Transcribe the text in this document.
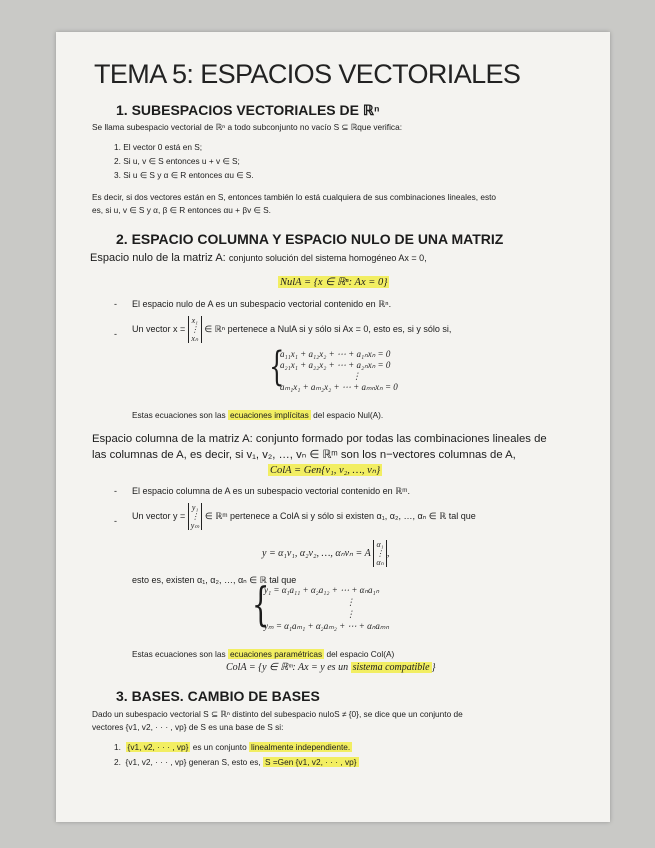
TEMA 5: ESPACIOS VECTORIALES
1. SUBESPACIOS VECTORIALES DE ℝⁿ
Se llama subespacio vectorial de ℝⁿ a todo subconjunto no vacío S ⊆ ℝque verifica:
1. El vector 0 está en S;
2. Si u, v ∈ S entonces u + v ∈ S;
3. Si u ∈ S y α ∈ R entonces αu ∈ S.
Es decir, si dos vectores están en S, entonces también lo está cualquiera de sus combinaciones lineales, esto
es, si u, v ∈ S y α, β ∈ R entonces αu + βv ∈ S.
2. ESPACIO COLUMNA Y ESPACIO NULO DE UNA MATRIZ
Espacio nulo de la matriz A: conjunto solución del sistema homogéneo Ax = 0,
NulA = {x ∈ ℝⁿ: Ax = 0}
- El espacio nulo de A es un subespacio vectorial contenido en ℝⁿ.
-
Un vector x =
x₁
⋮
xₙ
∈ ℝⁿ pertenece a NulA si y sólo si Ax = 0, esto es, si y sólo si,
{
a₁₁x₁ + a₁₂x₂ + ⋯ + a₁ₙxₙ = 0
a₂₁x₁ + a₂₂x₂ + ⋯ + a₂ₙxₙ = 0
⋮
aₘ₁x₁ + aₘ₂x₂ + ⋯ + aₘₙxₙ = 0
Estas ecuaciones son las ecuaciones implícitas del espacio Nul(A).
Espacio columna de la matriz A: conjunto formado por todas las combinaciones lineales de
las columnas de A, es decir, si v₁, v₂, …, vₙ ∈ ℝᵐ son los n−vectores columnas de A,
ColA = Gen{v₁, v₂, …, vₙ}
- El espacio columna de A es un subespacio vectorial contenido en ℝᵐ.
-
Un vector y =
y₁
⋮
yₘ
∈ ℝᵐ pertenece a ColA si y sólo si existen α₁, α₂, …, αₙ ∈ ℝ tal que
y = α₁v₁, α₂v₂, …, αₙvₙ = A
α₁
⋮
αₙ
,
esto es, existen α₁, α₂, …, αₙ ∈ ℝ tal que
{
y₁ = α₁a₁₁ + α₂a₁₂ + ⋯ + αₙa₁ₙ
⋮
⋮
yₘ = α₁aₘ₁ + α₂aₘ₂ + ⋯ + αₙaₘₙ
Estas ecuaciones son las ecuaciones paramétricas del espacio Col(A)
ColA = {y ∈ ℝᵐ: Ax = y es un sistema compatible }
3. BASES. CAMBIO DE BASES
Dado un subespacio vectorial S ⊆ ℝⁿ distinto del subespacio nuloS ≠ {0}, se dice que un conjunto de
vectores {v1, v2, · · · , vp} de S es una base de S si:
1. {v1, v2, · · · , vp} es un conjunto linealmente independiente.
2. {v1, v2, · · · , vp} generan S, esto es, S =Gen {v1, v2, · · · , vp}
